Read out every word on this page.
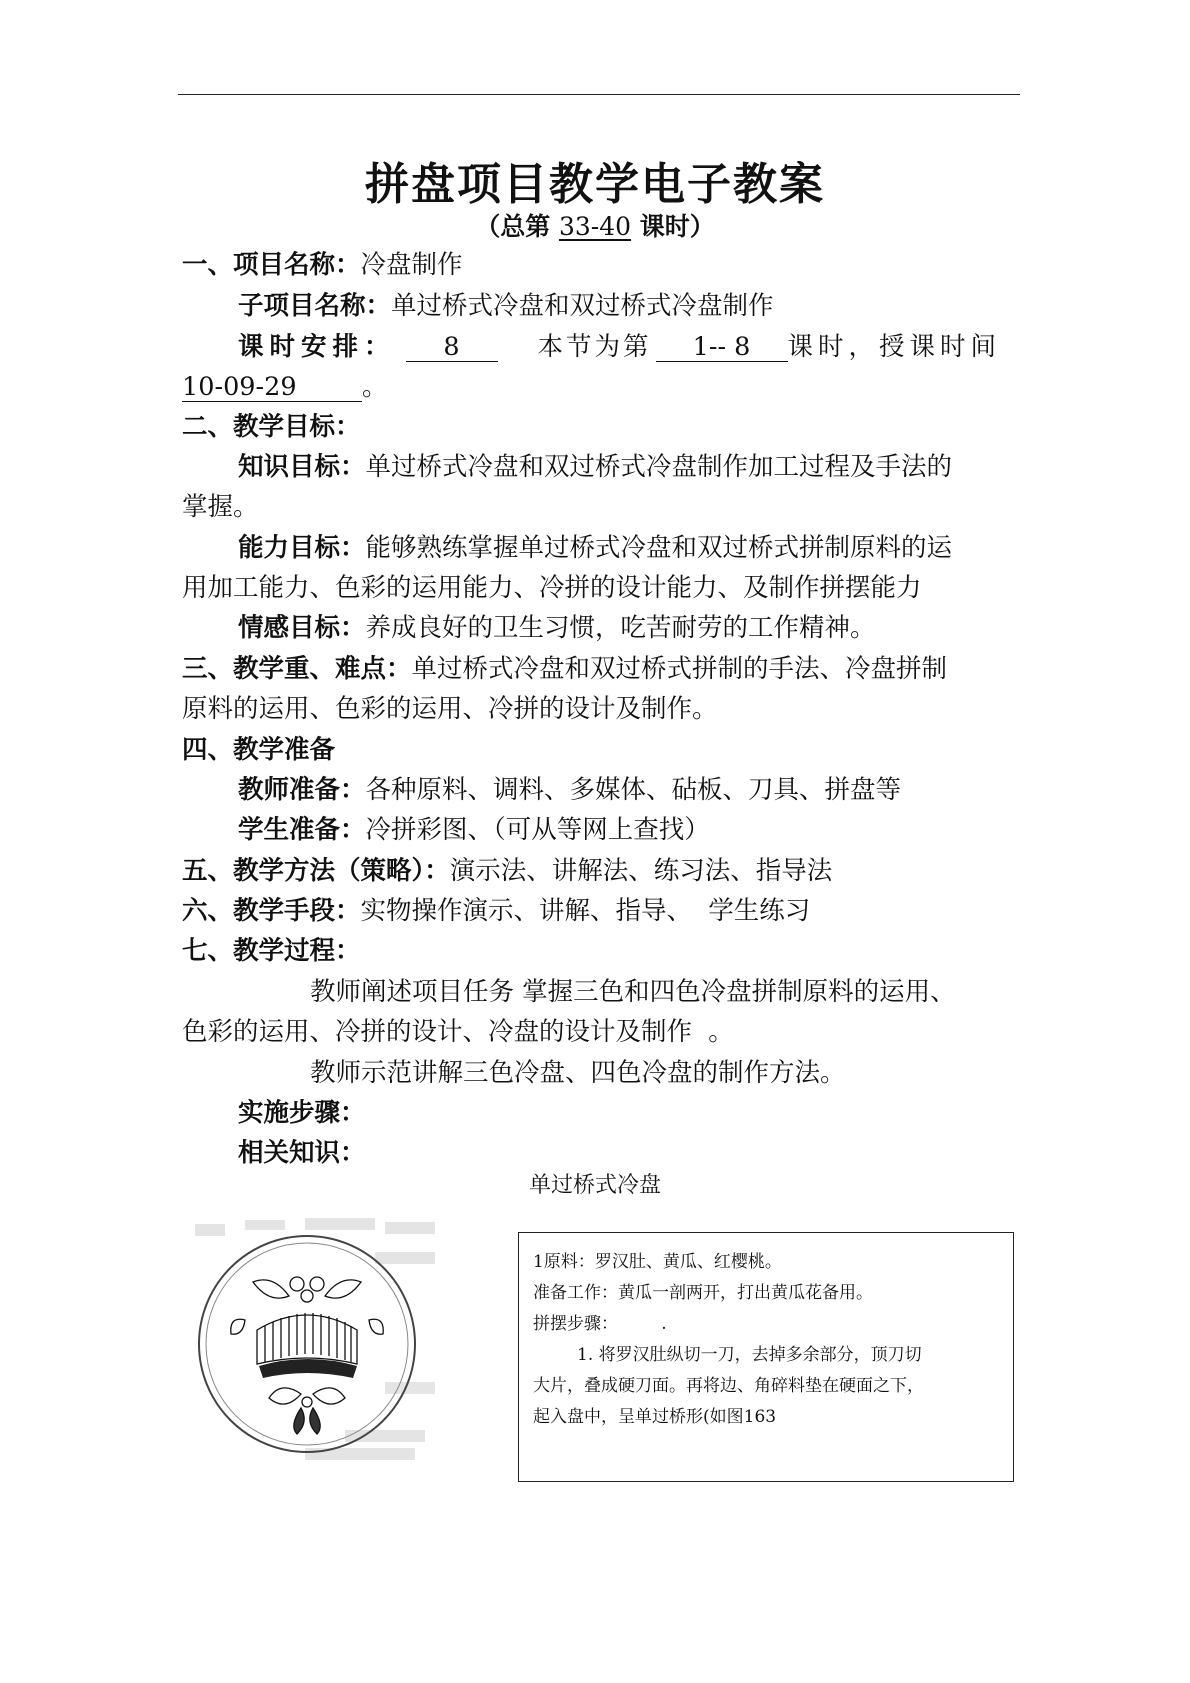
拼盘项目教学电子教案
（总第 33-40 课时）
一、项目名称：冷盘制作
子项目名称：单过桥式冷盘和双过桥式冷盘制作
课时安排： 8	本节为第 1-- 8 课时，授课时间
10-09-29	。
二、教学目标：
知识目标：单过桥式冷盘和双过桥式冷盘制作加工过程及手法的
掌握。
能力目标：能够熟练掌握单过桥式冷盘和双过桥式拼制原料的运
用加工能力、色彩的运用能力、冷拼的设计能力、及制作拼摆能力
情感目标：养成良好的卫生习惯，吃苦耐劳的工作精神。
三、教学重、难点：单过桥式冷盘和双过桥式拼制的手法、冷盘拼制
原料的运用、色彩的运用、冷拼的设计及制作。
四、教学准备
教师准备：各种原料、调料、多媒体、砧板、刀具、拼盘等
学生准备：冷拼彩图、（可从等网上查找）
五、教学方法（策略）：演示法、讲解法、练习法、指导法
六、教学手段：实物操作演示、讲解、指导、  学生练习
七、教学过程：
教师阐述项目任务 掌握三色和四色冷盘拼制原料的运用、
色彩的运用、冷拼的设计、冷盘的设计及制作  。
教师示范讲解三色冷盘、四色冷盘的制作方法。
实施步骤：
相关知识：
单过桥式冷盘
1原料：罗汉肚、黄瓜、红樱桃。
准备工作：黄瓜一剖两开，打出黄瓜花备用。
拼摆步骤：        .
1. 将罗汉肚纵切一刀，去掉多余部分，顶刀切
大片，叠成硬刀面。再将边、角碎料垫在硬面之下，
起入盘中，呈单过桥形(如图163
